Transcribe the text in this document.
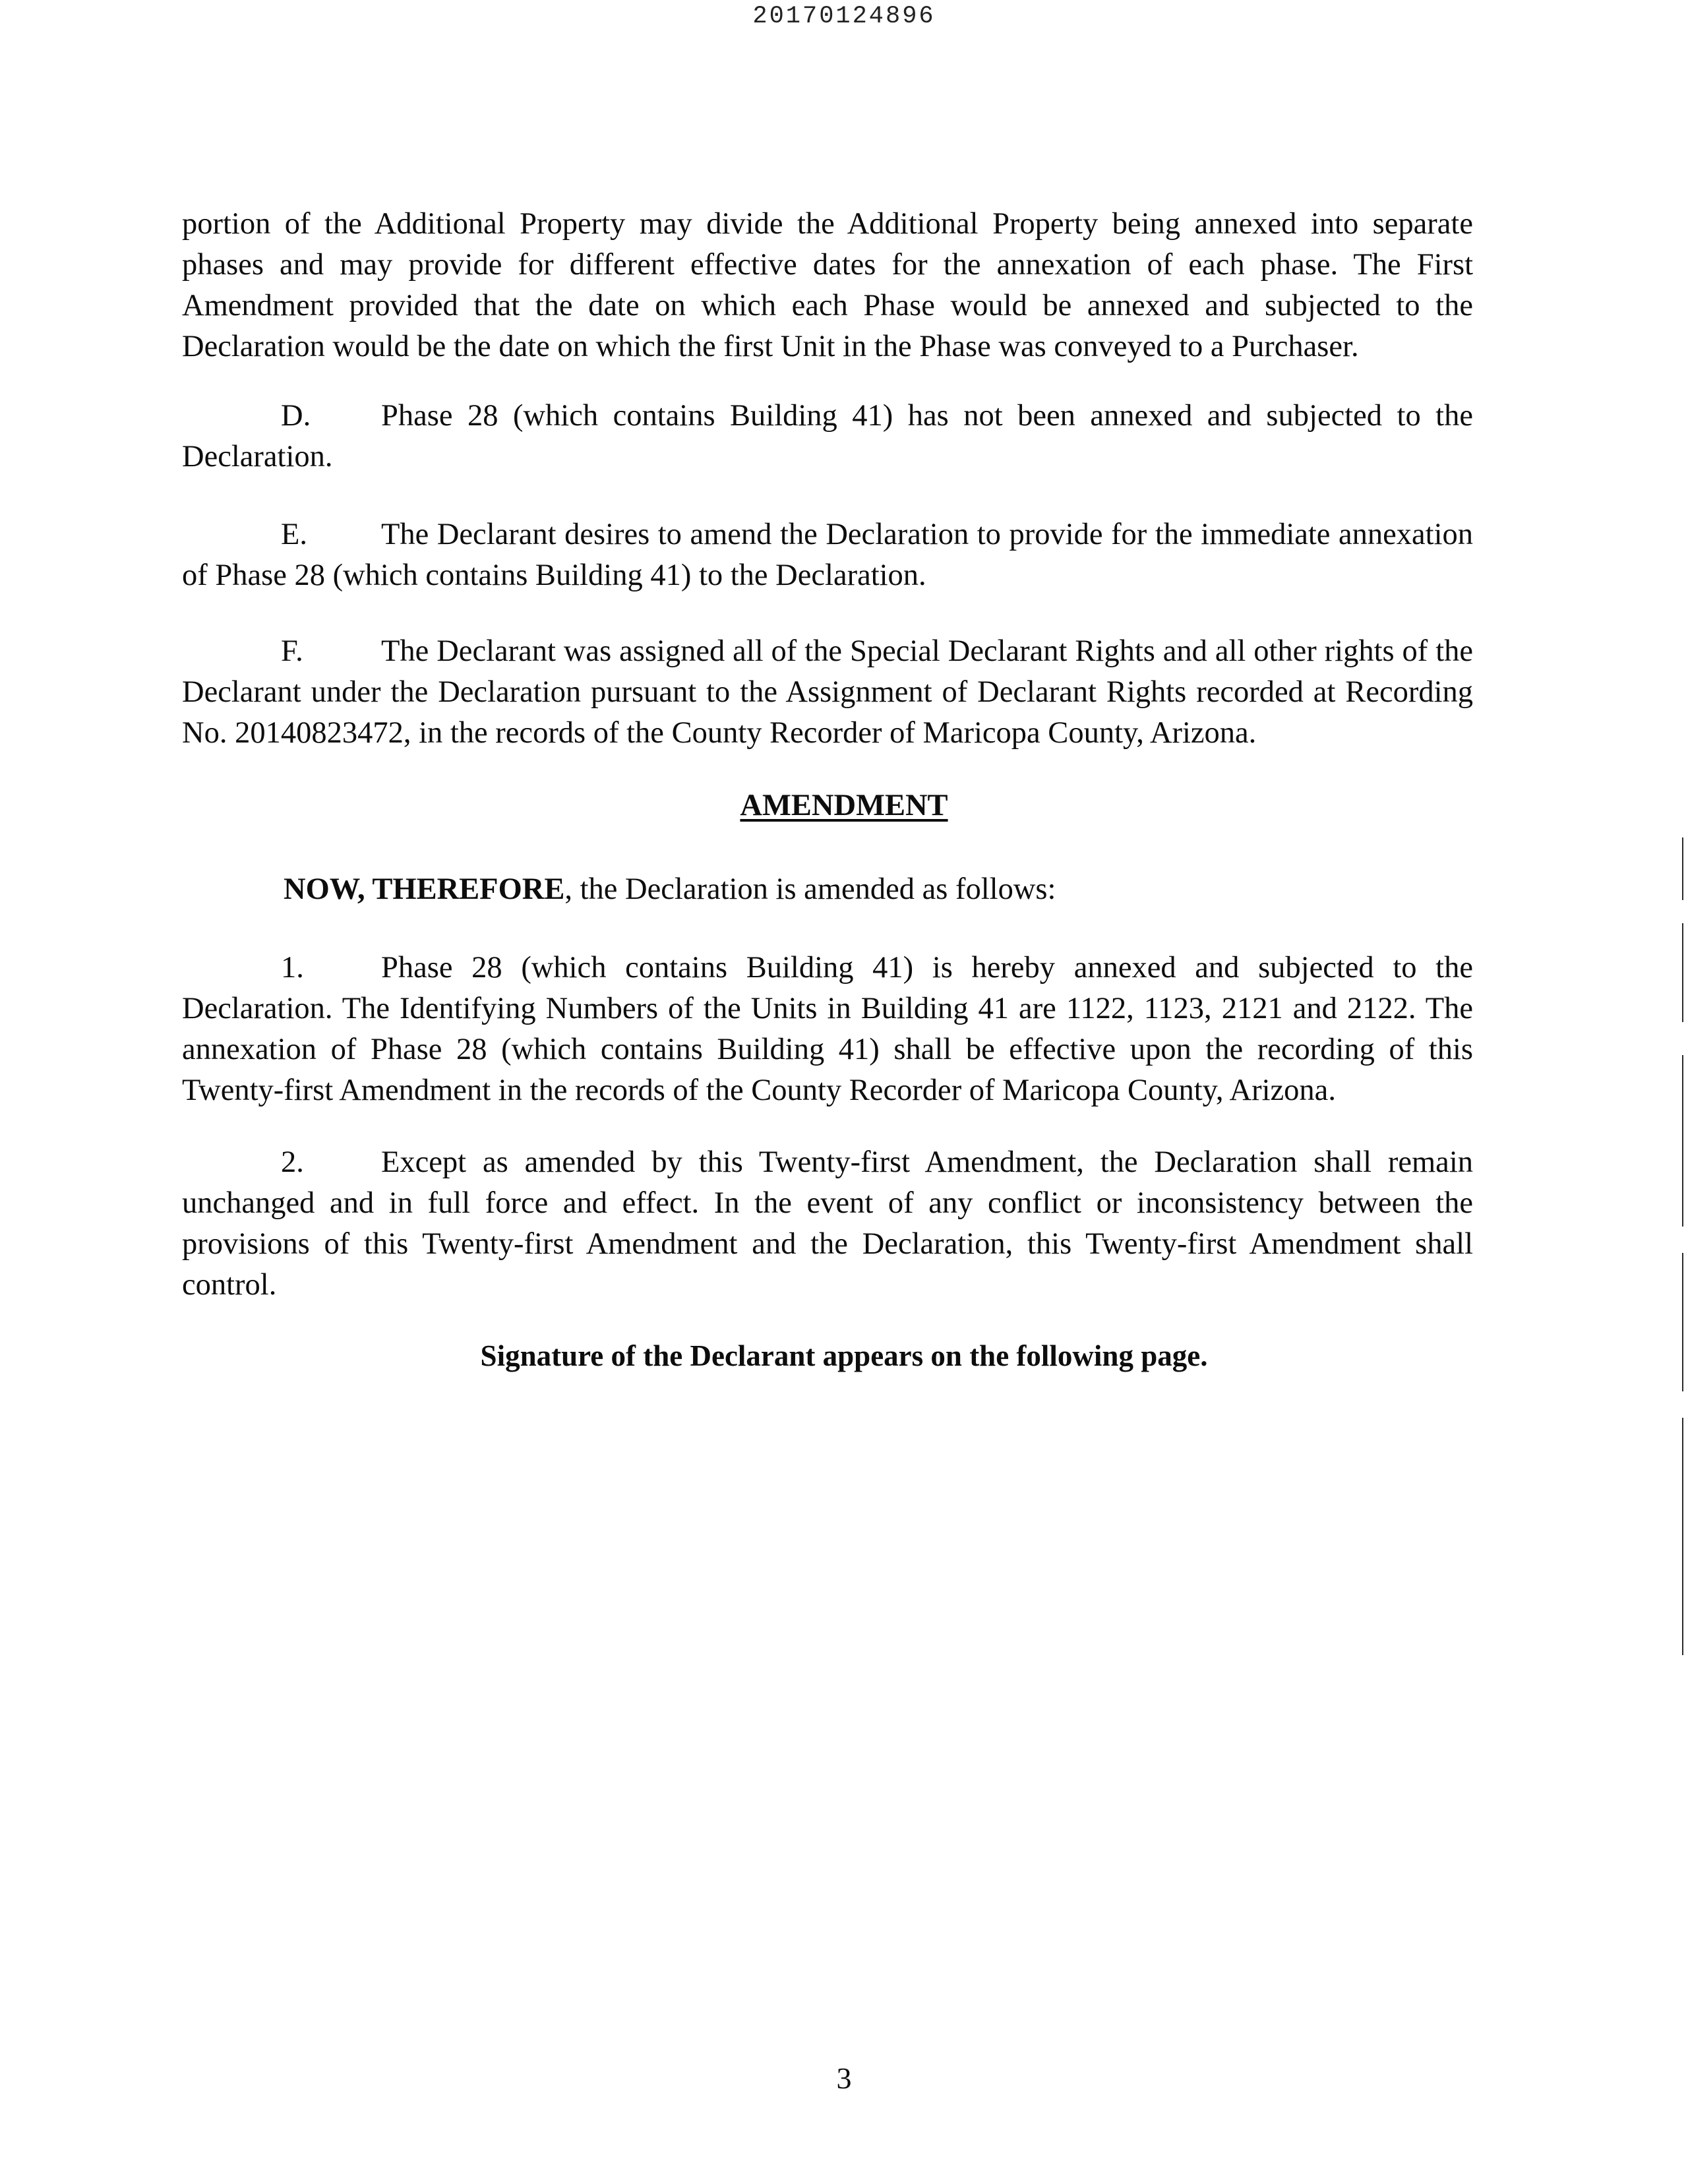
20170124896
portion of the Additional Property may divide the Additional Property being annexed into separate phases and may provide for different effective dates for the annexation of each phase. The First Amendment provided that the date on which each Phase would be annexed and subjected to the Declaration would be the date on which the first Unit in the Phase was conveyed to a Purchaser.
D. Phase 28 (which contains Building 41) has not been annexed and subjected to the Declaration.
E. The Declarant desires to amend the Declaration to provide for the immediate annexation of Phase 28 (which contains Building 41) to the Declaration.
F.	The Declarant was assigned all of the Special Declarant Rights and all other rights of the Declarant under the Declaration pursuant to the Assignment of Declarant Rights recorded at Recording No. 20140823472, in the records of the County Recorder of Maricopa County, Arizona.
AMENDMENT
NOW, THEREFORE, the Declaration is amended as follows:
1.	Phase 28 (which contains Building 41) is hereby annexed and subjected to the Declaration. The Identifying Numbers of the Units in Building 41 are 1122, 1123, 2121 and 2122. The annexation of Phase 28 (which contains Building 41) shall be effective upon the recording of this Twenty-first Amendment in the records of the County Recorder of Maricopa County, Arizona.
2.	Except as amended by this Twenty-first Amendment, the Declaration shall remain unchanged and in full force and effect. In the event of any conflict or inconsistency between the provisions of this Twenty-first Amendment and the Declaration, this Twenty-first Amendment shall control.
Signature of the Declarant appears on the following page.
3
